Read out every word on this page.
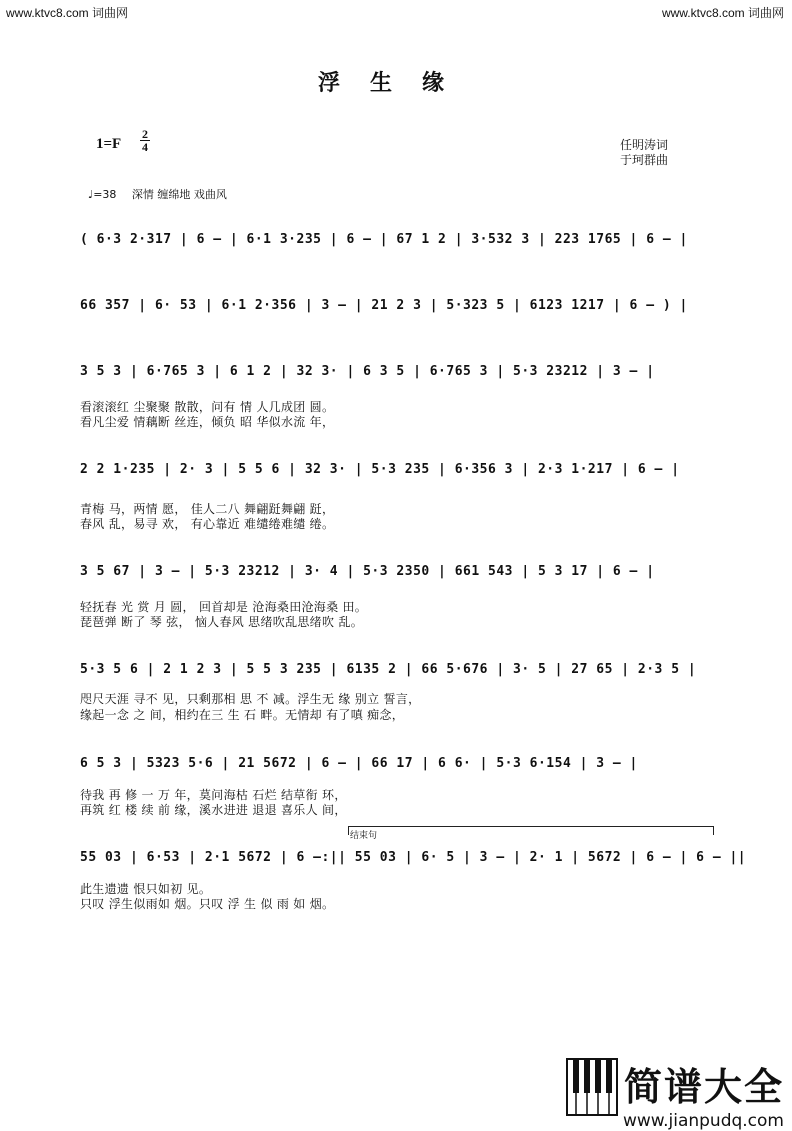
www.ktvc8.com 词曲网	www.ktvc8.com 词曲网
浮生缘
1=F
2
4	任明涛词
于珂群曲
♩=38 深情 缠绵地 戏曲风
( 6·3 2·317 | 6 – | 6·1 3·235 | 6 – | 67 1 2 | 3·532 3 | 223 1765 | 6 – |
66 357 | 6· 53 | 6·1 2·356 | 3 – | 21 2 3 | 5·323 5 | 6123 1217 | 6 – ) |
3 5 3 | 6·765 3 | 6 1 2 | 32 3· | 6 3 5 | 6·765 3 | 5·3 23212 | 3 – |
看滚滚红 尘聚聚 散散，问有 情 人几成团 圆。
看凡尘爱 情藕断 丝连，倾负 昭 华似水流 年，
2 2 1·235 | 2· 3 | 5 5 6 | 32 3· | 5·3 235 | 6·356 3 | 2·3 1·217 | 6 – |
青梅 马，两情 愿， 佳人二八 舞翩跹舞翩 跹，
春风 乱，易寻 欢， 有心靠近 难缱绻难缱 绻。
3 5 67 | 3 – | 5·3 23212 | 3· 4 | 5·3 2350 | 661 543 | 5 3 17 | 6 – |
轻抚春 光 赏 月 圆， 回首却是 沧海桑田沧海桑 田。
琵琶弹 断了 琴 弦， 恼人春风 思绪吹乱思绪吹 乱。
5·3 5 6 | 2 1 2 3 | 5 5 3 235 | 6135 2 | 66 5·676 | 3· 5 | 27 65 | 2·3 5 |
咫尺天涯 寻不 见，只剩那相 思 不 减。浮生无 缘 别立 誓言，
缘起一念 之 间，相约在三 生 石 畔。无情却 有了嗔 痴念，
6 5 3 | 5323 5·6 | 21 5672 | 6 – | 66 17 | 6 6· | 5·3 6·154 | 3 – |
待我 再 修 一 万 年，莫问海枯 石烂 结草衔 环，
再筑 红 楼 续 前 缘，溪水进进 退退 喜乐人 间，
结束句
55 03 | 6·53 | 2·1 5672 | 6 –:|| 55 03 | 6· 5 | 3 – | 2· 1 | 5672 | 6 – | 6 – ||
此生遗遗 恨只如初 见。
只叹 浮生似雨如 烟。只叹 浮 生 似 雨 如 烟。
简谱大全
www.jianpudq.com
